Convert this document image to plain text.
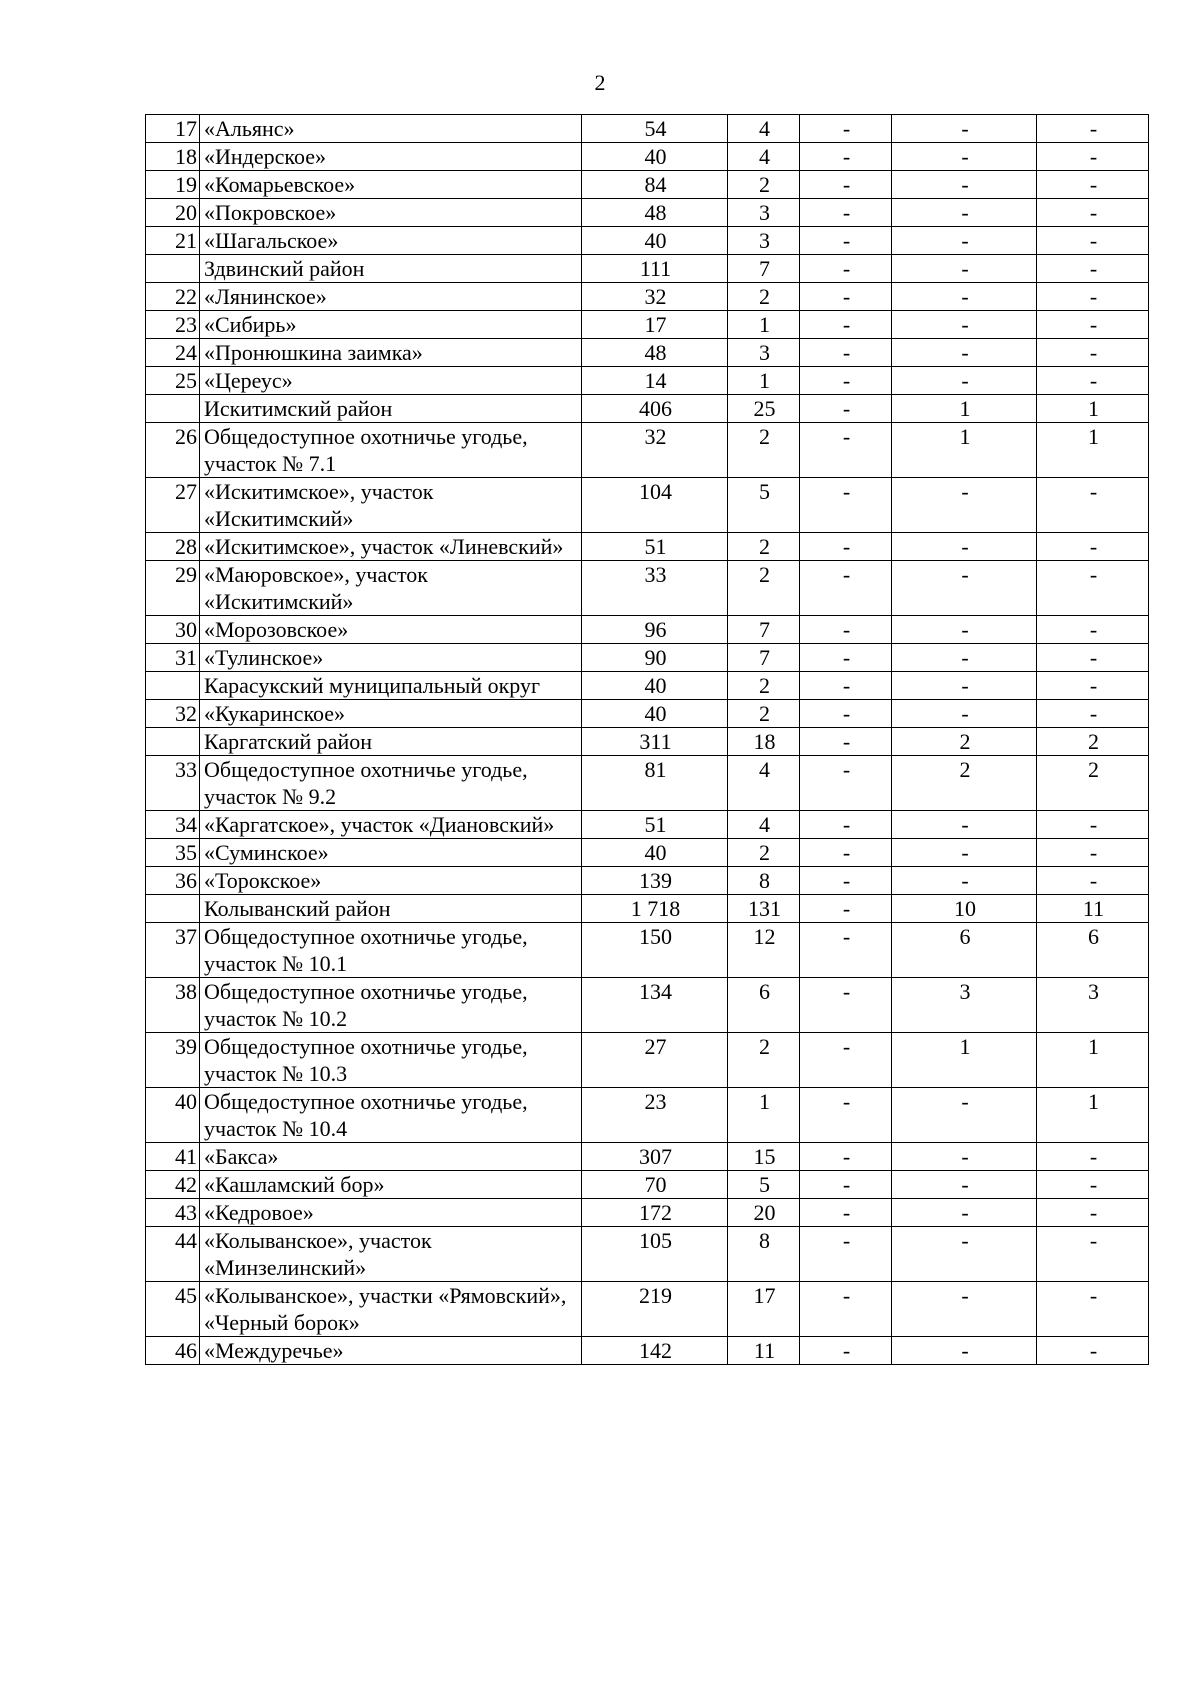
2
17	«Альянс»	54	4	-	-	-
18	«Индерское»	40	4	-	-	-
19	«Комарьевское»	84	2	-	-	-
20	«Покровское»	48	3	-	-	-
21	«Шагальское»	40	3	-	-	-
	Здвинский район	111	7	-	-	-
22	«Лянинское»	32	2	-	-	-
23	«Сибирь»	17	1	-	-	-
24	«Пронюшкина заимка»	48	3	-	-	-
25	«Цереус»	14	1	-	-	-
	Искитимский район	406	25	-	1	1
26	Общедоступное охотничье угодье, участок № 7.1	32	2	-	1	1
27	«Искитимское», участок «Искитимский»	104	5	-	-	-
28	«Искитимское», участок «Линевский»	51	2	-	-	-
29	«Маюровское», участок «Искитимский»	33	2	-	-	-
30	«Морозовское»	96	7	-	-	-
31	«Тулинское»	90	7	-	-	-
	Карасукский муниципальный округ	40	2	-	-	-
32	«Кукаринское»	40	2	-	-	-
	Каргатский район	311	18	-	2	2
33	Общедоступное охотничье угодье, участок № 9.2	81	4	-	2	2
34	«Каргатское», участок «Диановский»	51	4	-	-	-
35	«Суминское»	40	2	-	-	-
36	«Торокское»	139	8	-	-	-
	Колыванский район	1 718	131	-	10	11
37	Общедоступное охотничье угодье, участок № 10.1	150	12	-	6	6
38	Общедоступное охотничье угодье, участок № 10.2	134	6	-	3	3
39	Общедоступное охотничье угодье, участок № 10.3	27	2	-	1	1
40	Общедоступное охотничье угодье, участок № 10.4	23	1	-	-	1
41	«Бакса»	307	15	-	-	-
42	«Кашламский бор»	70	5	-	-	-
43	«Кедровое»	172	20	-	-	-
44	«Колыванское», участок «Минзелинский»	105	8	-	-	-
45	«Колыванское», участки «Рямовский», «Черный борок»	219	17	-	-	-
46	«Междуречье»	142	11	-	-	-
